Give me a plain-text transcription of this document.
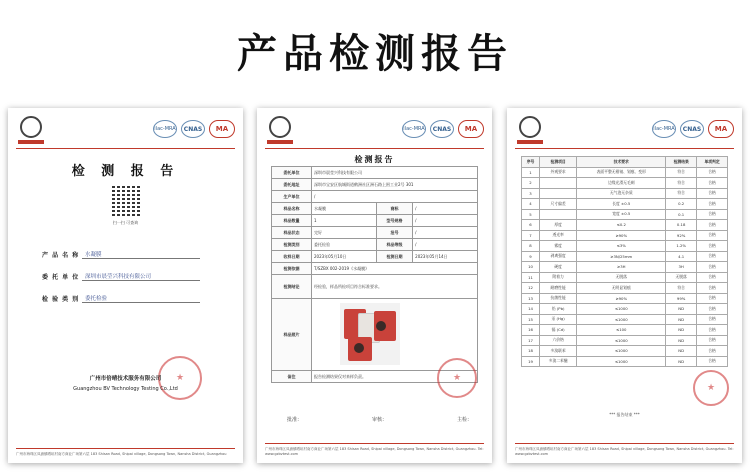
产品检测报告
ilac-MRA	CNAS	MA
检 测 报 告
扫一扫 可查询
产 品 名 称	水凝膜
委 托 单 位	深圳市晨莹兴科技有限公司
检 验 类 别	委托检验
★
广州市倍晴技术服务有限公司
Guangzhou BV Technology Testing Co.,Ltd
广州市海珠区凤浦镇晒坦村南方商业广场第六层 183 Shisan Road, Shipai village, Dongsong Town, Nansha District, Guangzhou
ilac-MRA	CNAS	MA
检测报告
委托单位	深圳市晨莹兴科技有限公司		
委托地址	深圳市宝安区航城街道鹤洲社区洲石路上围工业2号 301		
生产单位	/		
样品名称	水凝膜	商标	/
样品数量	1	型号规格	/
样品状态	完好	批号	/
检测类别	委托检验	样品等级	/
收样日期	2023年05月10日	检测日期	2023年05月14日
检测依据	T/SZBX 002-2019《水凝膜》		
检测结论	经检验，样品所检项目符合标准要求。		
样品照片			

备注	报告检测结果仅对来样负责。			★
批准：	审核：	主检：
广州市海珠区凤浦镇晒坦村南方商业广场第六层 183 Shisan Road, Shipai village, Dongsong Town, Nansha District, Guangzhou. Tel: www.gzbvtest.com
ilac-MRA	CNAS	MA
序号	检测项目	技术要求	检测结果	单项判定
1	外观要求	表面平整无褶皱、划痕、变形	符合	合格
2		边缘光滑无毛刺	符合	合格
3		无气泡无杂质	符合	合格
4	尺寸偏差	长度 ±0.5	0.2	合格
5		宽度 ±0.5	0.1	合格
6	厚度	≤0.2	0.18	合格
7	透光率	≥90%	92%	合格
8	雾度	≤3%	1.2%	合格
9	剥离强度	≥3N/25mm	4.1	合格
10	硬度	≥3H	3H	合格
11	附着力	无脱落	无脱落	合格
12	耐磨性能	无明显划痕	符合	合格
13	抗菌性能	≥90%	99%	合格
14	铅 (Pb)	≤1000	ND	合格
15	汞 (Hg)	≤1000	ND	合格
16	镉 (Cd)	≤100	ND	合格
17	六价铬	≤1000	ND	合格
18	多溴联苯	≤1000	ND	合格
19	多溴二苯醚	≤1000	ND	合格
★
*** 报告结束 ***
广州市海珠区凤浦镇晒坦村南方商业广场第六层 183 Shisan Road, Shipai village, Dongsong Town, Nansha District, Guangzhou. Tel: www.gzbvtest.com
